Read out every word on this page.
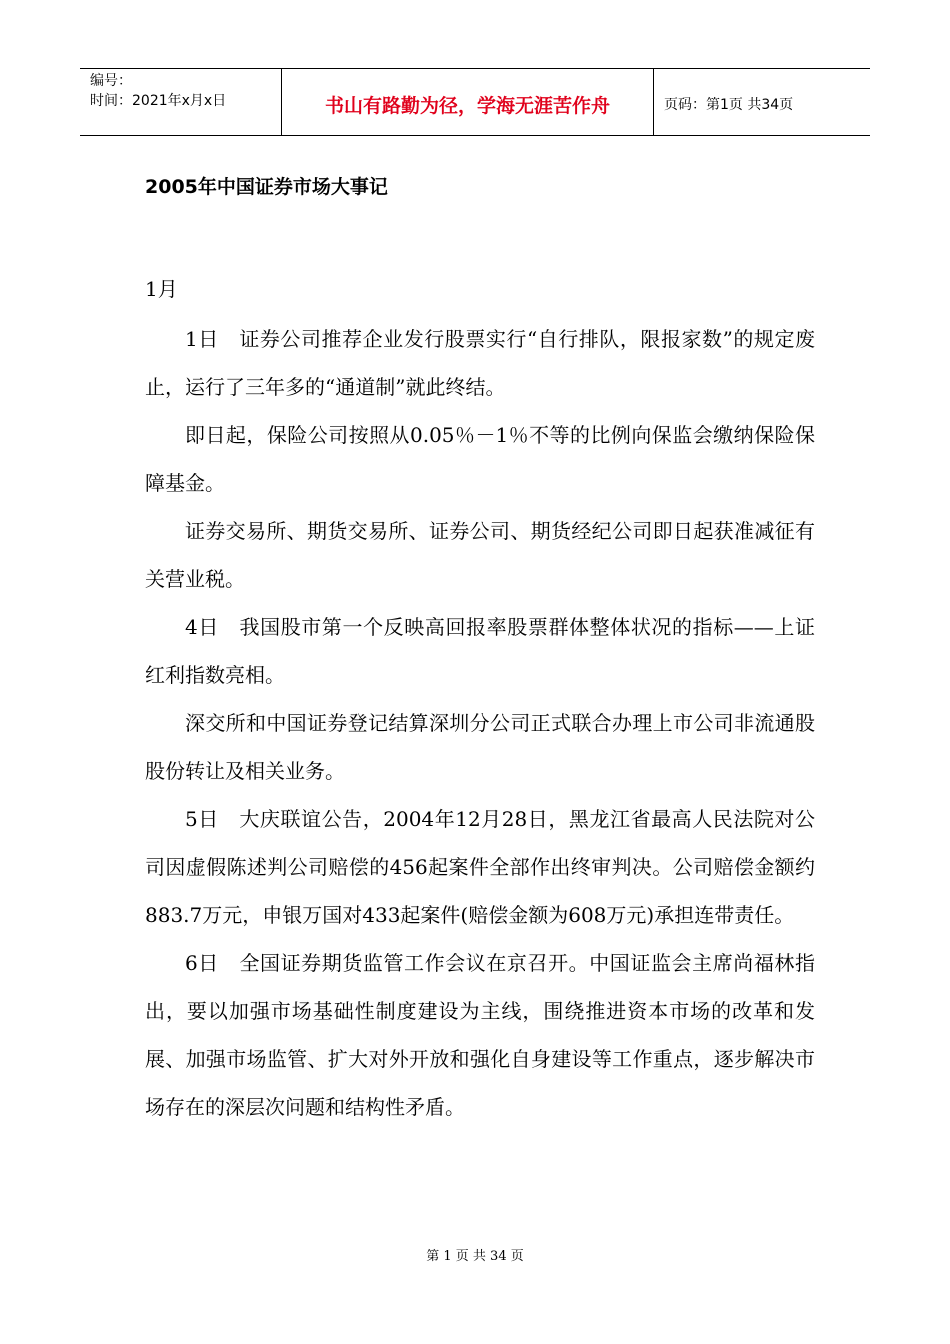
编号：
时间：2021年x月x日	书山有路勤为径，学海无涯苦作舟	页码：第1页 共34页
2005年中国证券市场大事记

1月

1日　证券公司推荐企业发行股票实行“自行排队，限报家数”的规定废止，运行了三年多的“通道制”就此终结。

即日起，保险公司按照从0.05％－1％不等的比例向保监会缴纳保险保障基金。

证券交易所、期货交易所、证券公司、期货经纪公司即日起获准减征有关营业税。

4日　我国股市第一个反映高回报率股票群体整体状况的指标——上证红利指数亮相。

深交所和中国证券登记结算深圳分公司正式联合办理上市公司非流通股股份转让及相关业务。

5日　大庆联谊公告，2004年12月28日，黑龙江省最高人民法院对公司因虚假陈述判公司赔偿的456起案件全部作出终审判决。公司赔偿金额约883.7万元，申银万国对433起案件(赔偿金额为608万元)承担连带责任。

6日　全国证券期货监管工作会议在京召开。中国证监会主席尚福林指出，要以加强市场基础性制度建设为主线，围绕推进资本市场的改革和发展、加强市场监管、扩大对外开放和强化自身建设等工作重点，逐步解决市场存在的深层次问题和结构性矛盾。

第 1 页 共 34 页
